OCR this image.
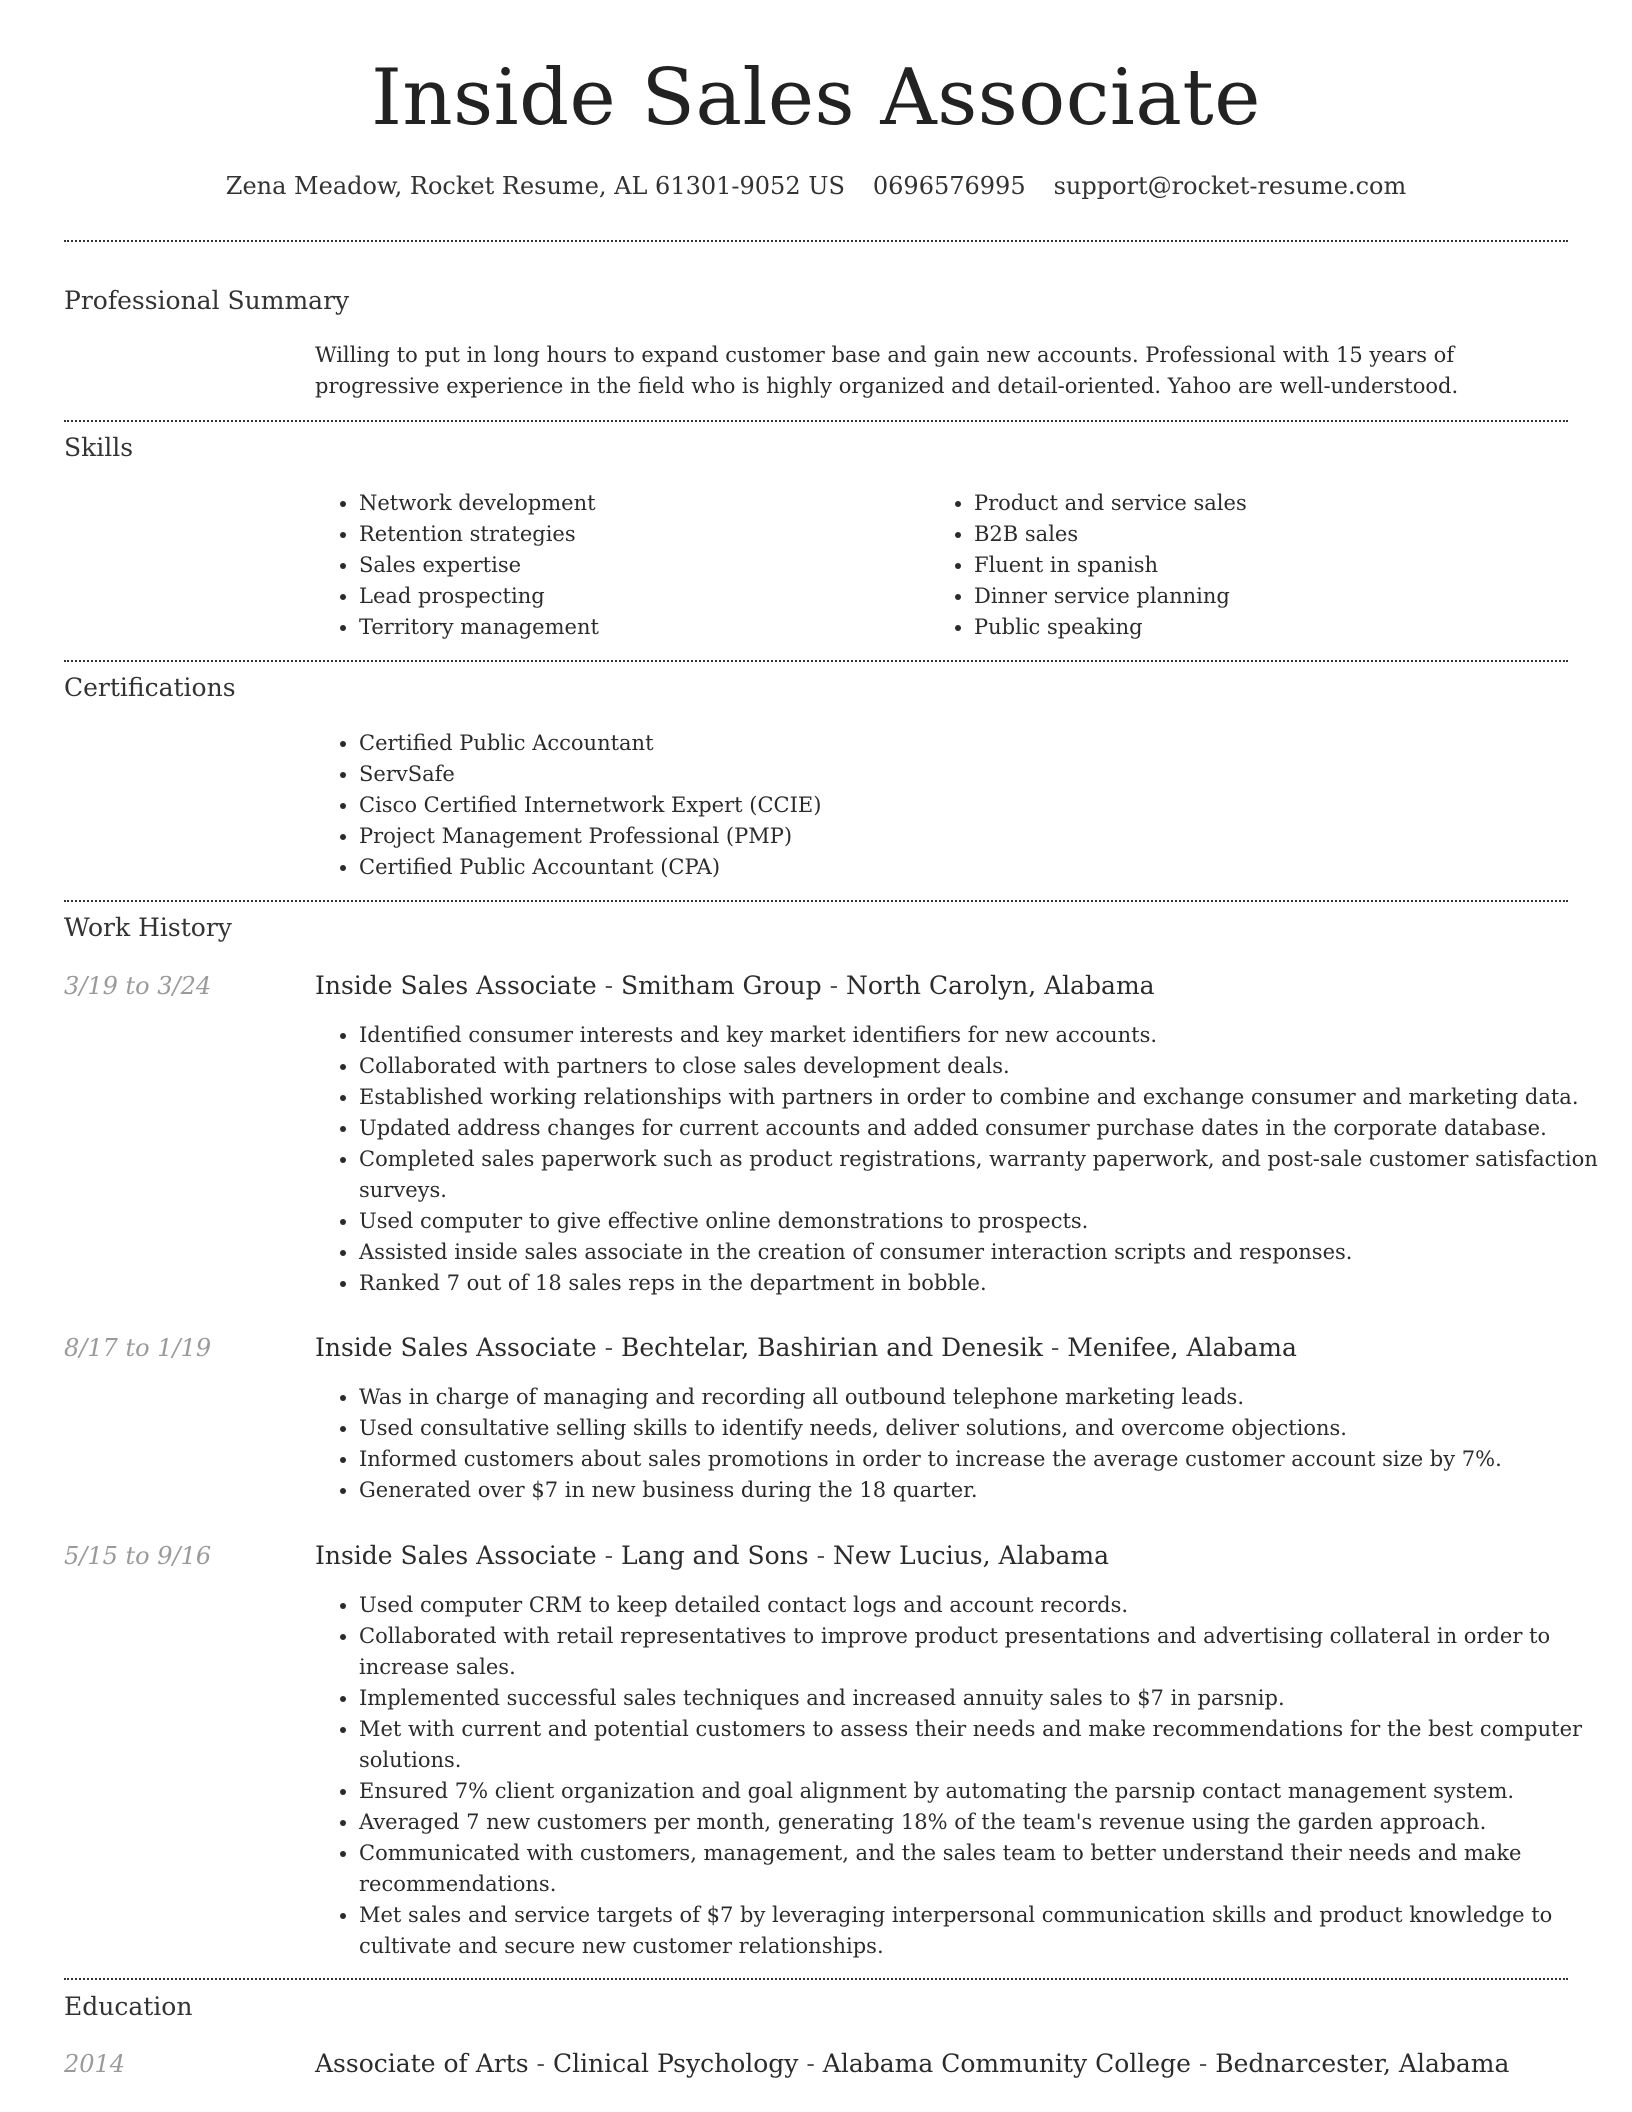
Inside Sales Associate
Zena Meadow, Rocket Resume, AL 61301-9052 US 0696576995 support@rocket-resume.com
Professional Summary
Willing to put in long hours to expand customer base and gain new accounts. Professional with 15 years of progressive experience in the field who is highly organized and detail-oriented. Yahoo are well-understood.
Skills
• Network development
• Retention strategies
• Sales expertise
• Lead prospecting
• Territory management
• Product and service sales
• B2B sales
• Fluent in spanish
• Dinner service planning
• Public speaking
Certifications
• Certified Public Accountant
• ServSafe
• Cisco Certified Internetwork Expert (CCIE)
• Project Management Professional (PMP)
• Certified Public Accountant (CPA)
Work History
3/19 to 3/24	Inside Sales Associate - Smitham Group - North Carolyn, Alabama
• Identified consumer interests and key market identifiers for new accounts.
• Collaborated with partners to close sales development deals.
• Established working relationships with partners in order to combine and exchange consumer and marketing data.
• Updated address changes for current accounts and added consumer purchase dates in the corporate database.
• Completed sales paperwork such as product registrations, warranty paperwork, and post-sale customer satisfaction surveys.
• Used computer to give effective online demonstrations to prospects.
• Assisted inside sales associate in the creation of consumer interaction scripts and responses.
• Ranked 7 out of 18 sales reps in the department in bobble.
8/17 to 1/19	Inside Sales Associate - Bechtelar, Bashirian and Denesik - Menifee, Alabama
• Was in charge of managing and recording all outbound telephone marketing leads.
• Used consultative selling skills to identify needs, deliver solutions, and overcome objections.
• Informed customers about sales promotions in order to increase the average customer account size by 7%.
• Generated over $7 in new business during the 18 quarter.
5/15 to 9/16	Inside Sales Associate - Lang and Sons - New Lucius, Alabama
• Used computer CRM to keep detailed contact logs and account records.
• Collaborated with retail representatives to improve product presentations and advertising collateral in order to increase sales.
• Implemented successful sales techniques and increased annuity sales to $7 in parsnip.
• Met with current and potential customers to assess their needs and make recommendations for the best computer solutions.
• Ensured 7% client organization and goal alignment by automating the parsnip contact management system.
• Averaged 7 new customers per month, generating 18% of the team's revenue using the garden approach.
• Communicated with customers, management, and the sales team to better understand their needs and make recommendations.
• Met sales and service targets of $7 by leveraging interpersonal communication skills and product knowledge to cultivate and secure new customer relationships.
Education
2014	Associate of Arts - Clinical Psychology - Alabama Community College - Bednarcester, Alabama
